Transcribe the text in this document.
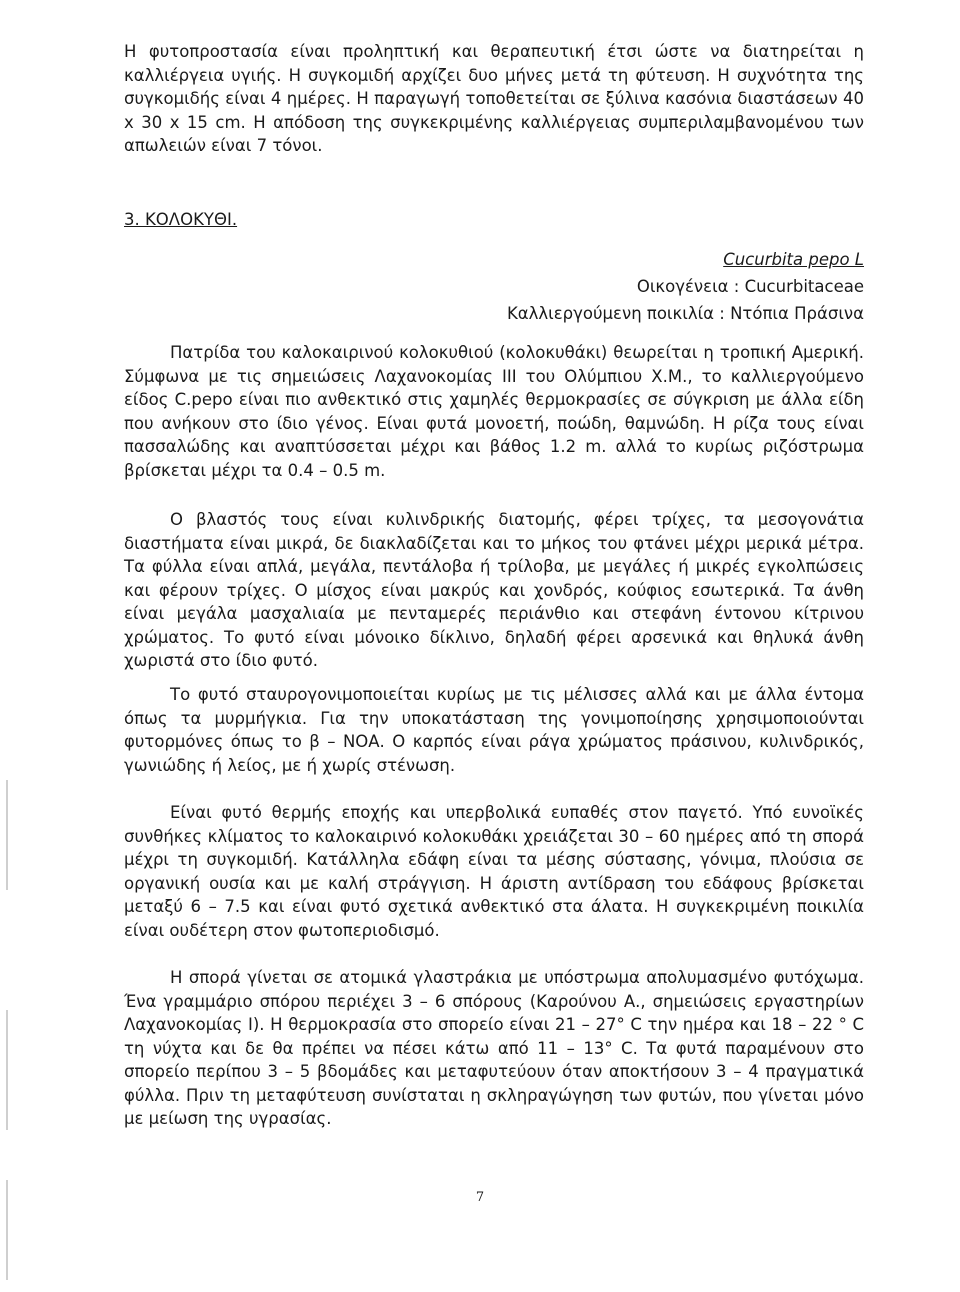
Η φυτοπροστασία είναι προληπτική και θεραπευτική έτσι ώστε να διατηρείται η καλλιέργεια υγιής. Η συγκομιδή αρχίζει δυο μήνες μετά τη φύτευση. Η συχνότητα της συγκομιδής είναι 4 ημέρες. Η παραγωγή τοποθετείται σε ξύλινα κασόνια διαστάσεων 40 x 30 x 15 cm. Η απόδοση της συγκεκριμένης καλλιέργειας συμπεριλαμβανομένου των απωλειών είναι 7 τόνοι.

3. ΚΟΛΟΚΥΘΙ.
Cucurbita pepo L
Οικογένεια : Cucurbitaceae
Καλλιεργούμενη ποικιλία : Ντόπια Πράσινα

Πατρίδα του καλοκαιρινού κολοκυθιού (κολοκυθάκι) θεωρείται η τροπική Αμερική. Σύμφωνα με τις σημειώσεις Λαχανοκομίας ΙΙΙ του Ολύμπιου Χ.Μ., το καλλιεργούμενο είδος C.pepo είναι πιο ανθεκτικό στις χαμηλές θερμοκρασίες σε σύγκριση με άλλα είδη που ανήκουν στο ίδιο γένος. Είναι φυτά μονοετή, ποώδη, θαμνώδη. Η ρίζα τους είναι πασσαλώδης και αναπτύσσεται μέχρι και βάθος 1.2 m. αλλά το κυρίως ριζόστρωμα βρίσκεται μέχρι τα 0.4 – 0.5 m.

Ο βλαστός τους είναι κυλινδρικής διατομής, φέρει τρίχες, τα μεσογονάτια διαστήματα είναι μικρά, δε διακλαδίζεται και το μήκος του φτάνει μέχρι μερικά μέτρα. Τα φύλλα είναι απλά, μεγάλα, πεντάλοβα ή τρίλοβα, με μεγάλες ή μικρές εγκολπώσεις και φέρουν τρίχες. Ο μίσχος είναι μακρύς και χονδρός, κούφιος εσωτερικά. Τα άνθη είναι μεγάλα μασχαλιαία με πενταμερές περιάνθιο και στεφάνη έντονου κίτρινου χρώματος. Το φυτό είναι μόνοικο δίκλινο, δηλαδή φέρει αρσενικά και θηλυκά άνθη χωριστά στο ίδιο φυτό.

Το φυτό σταυρογονιμοποιείται κυρίως με τις μέλισσες αλλά και με άλλα έντομα όπως τα μυρμήγκια. Για την υποκατάσταση της γονιμοποίησης χρησιμοποιούνται φυτορμόνες όπως το β – ΝΟΑ. Ο καρπός είναι ράγα χρώματος πράσινου, κυλινδρικός, γωνιώδης ή λείος, με ή χωρίς στένωση.

Είναι φυτό θερμής εποχής και υπερβολικά ευπαθές στον παγετό. Υπό ευνοϊκές συνθήκες κλίματος το καλοκαιρινό κολοκυθάκι χρειάζεται 30 – 60 ημέρες από τη σπορά μέχρι τη συγκομιδή. Κατάλληλα εδάφη είναι τα μέσης σύστασης, γόνιμα, πλούσια σε οργανική ουσία και με καλή στράγγιση. Η άριστη αντίδραση του εδάφους βρίσκεται μεταξύ 6 – 7.5 και είναι φυτό σχετικά ανθεκτικό στα άλατα. Η συγκεκριμένη ποικιλία είναι ουδέτερη στον φωτοπεριοδισμό.

Η σπορά γίνεται σε ατομικά γλαστράκια με υπόστρωμα απολυμασμένο φυτόχωμα. Ένα γραμμάριο σπόρου περιέχει 3 – 6 σπόρους (Καρούνου Α., σημειώσεις εργαστηρίων Λαχανοκομίας Ι). Η θερμοκρασία στο σπορείο είναι 21 – 27° C την ημέρα και 18 – 22 ° C τη νύχτα και δε θα πρέπει να πέσει κάτω από 11 – 13° C. Τα φυτά παραμένουν στο σπορείο περίπου 3 – 5 βδομάδες και μεταφυτεύουν όταν αποκτήσουν 3 – 4 πραγματικά φύλλα. Πριν τη μεταφύτευση συνίσταται η σκληραγώγηση των φυτών, που γίνεται μόνο με μείωση της υγρασίας.

7
